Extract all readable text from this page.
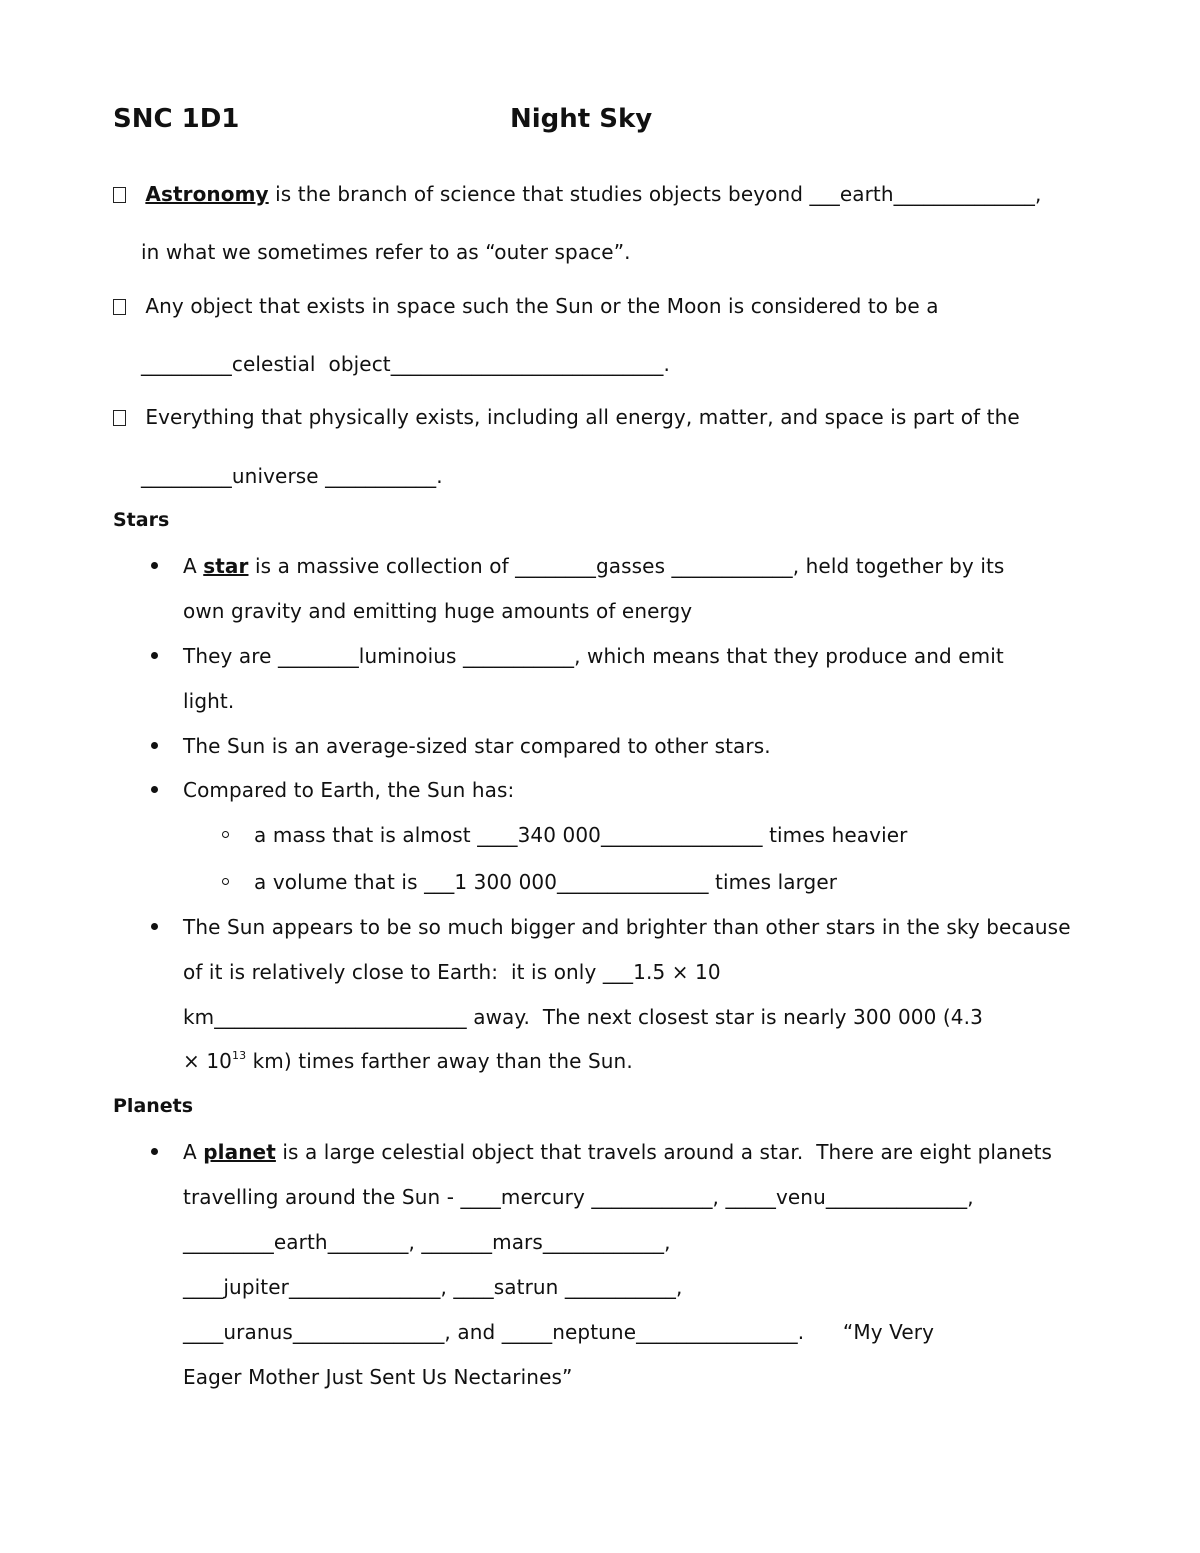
SNC 1D1	Night Sky
Astronomy is the branch of science that studies objects beyond ___earth______________,
in what we sometimes refer to as “outer space”.
Any object that exists in space such the Sun or the Moon is considered to be a
_________celestial  object___________________________.
Everything that physically exists, including all energy, matter, and space is part of the
_________universe ___________.
Stars
A star is a massive collection of ________gasses ____________, held together by its
own gravity and emitting huge amounts of energy
They are ________luminoius ___________, which means that they produce and emit
light.
The Sun is an average-sized star compared to other stars.
Compared to Earth, the Sun has:
a mass that is almost ____340 000________________ times heavier
a volume that is ___1 300 000_______________ times larger
The Sun appears to be so much bigger and brighter than other stars in the sky because
of it is relatively close to Earth:  it is only ___1.5 × 10
km_________________________ away.  The next closest star is nearly 300 000 (4.3
× $10^{13}$ km) times farther away than the Sun.
Planets
A planet is a large celestial object that travels around a star.  There are eight planets
travelling around the Sun - ____mercury ____________, _____venu______________,
_________earth________, _______mars____________,
____jupiter_______________, ____satrun ___________,
____uranus_______________, and _____neptune________________.      “My Very
Eager Mother Just Sent Us Nectarines”
